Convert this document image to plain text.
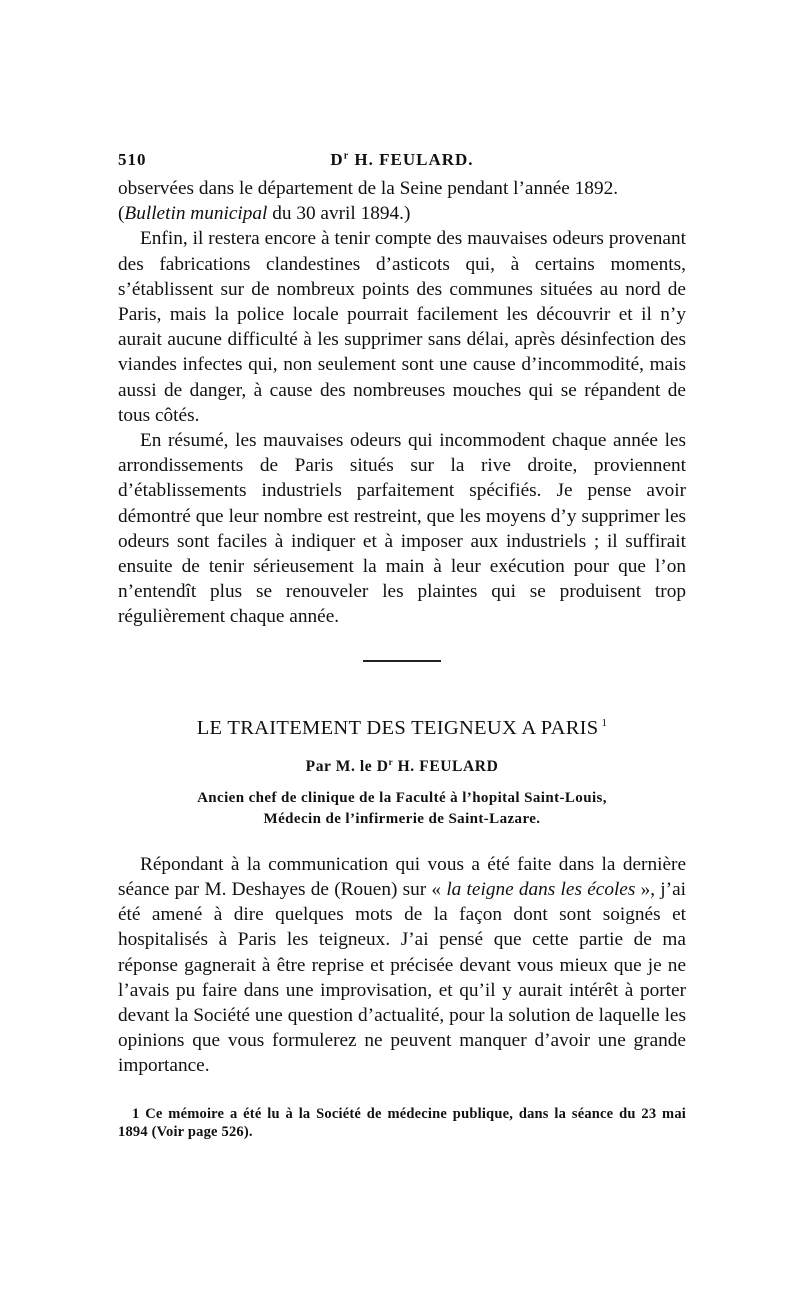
510	$D^r$ H. FEULARD.

observées dans le département de la Seine pendant l’année 1892.
(Bulletin municipal du 30 avril 1894.)

Enfin, il restera encore à tenir compte des mauvaises odeurs provenant des fabrications clandestines d’asticots qui, à certains moments, s’établissent sur de nombreux points des communes situées au nord de Paris, mais la police locale pourrait facilement les découvrir et il n’y aurait aucune difficulté à les supprimer sans délai, après désinfection des viandes infectes qui, non seulement sont une cause d’incommodité, mais aussi de danger, à cause des nombreuses mouches qui se répandent de tous côtés.

En résumé, les mauvaises odeurs qui incommodent chaque année les arrondissements de Paris situés sur la rive droite, proviennent d’établissements industriels parfaitement spécifiés. Je pense avoir démontré que leur nombre est restreint, que les moyens d’y supprimer les odeurs sont faciles à indiquer et à imposer aux industriels ; il suffirait ensuite de tenir sérieusement la main à leur exécution pour que l’on n’entendît plus se renouveler les plaintes qui se produisent trop régulièrement chaque année.

LE TRAITEMENT DES TEIGNEUX A PARIS $^1$
Par M. le $D^r$ H. FEULARD
Ancien chef de clinique de la Faculté à l’hopital Saint-Louis,
Médecin de l’infirmerie de Saint-Lazare.

Répondant à la communication qui vous a été faite dans la dernière séance par M. Deshayes de (Rouen) sur « la teigne dans les écoles », j’ai été amené à dire quelques mots de la façon dont sont soignés et hospitalisés à Paris les teigneux. J’ai pensé que cette partie de ma réponse gagnerait à être reprise et précisée devant vous mieux que je ne l’avais pu faire dans une improvisation, et qu’il y aurait intérêt à porter devant la Société une question d’actualité, pour la solution de laquelle les opinions que vous formulerez ne peuvent manquer d’avoir une grande importance.

1 Ce mémoire a été lu à la Société de médecine publique, dans la séance du 23 mai 1894 (Voir page 526).
